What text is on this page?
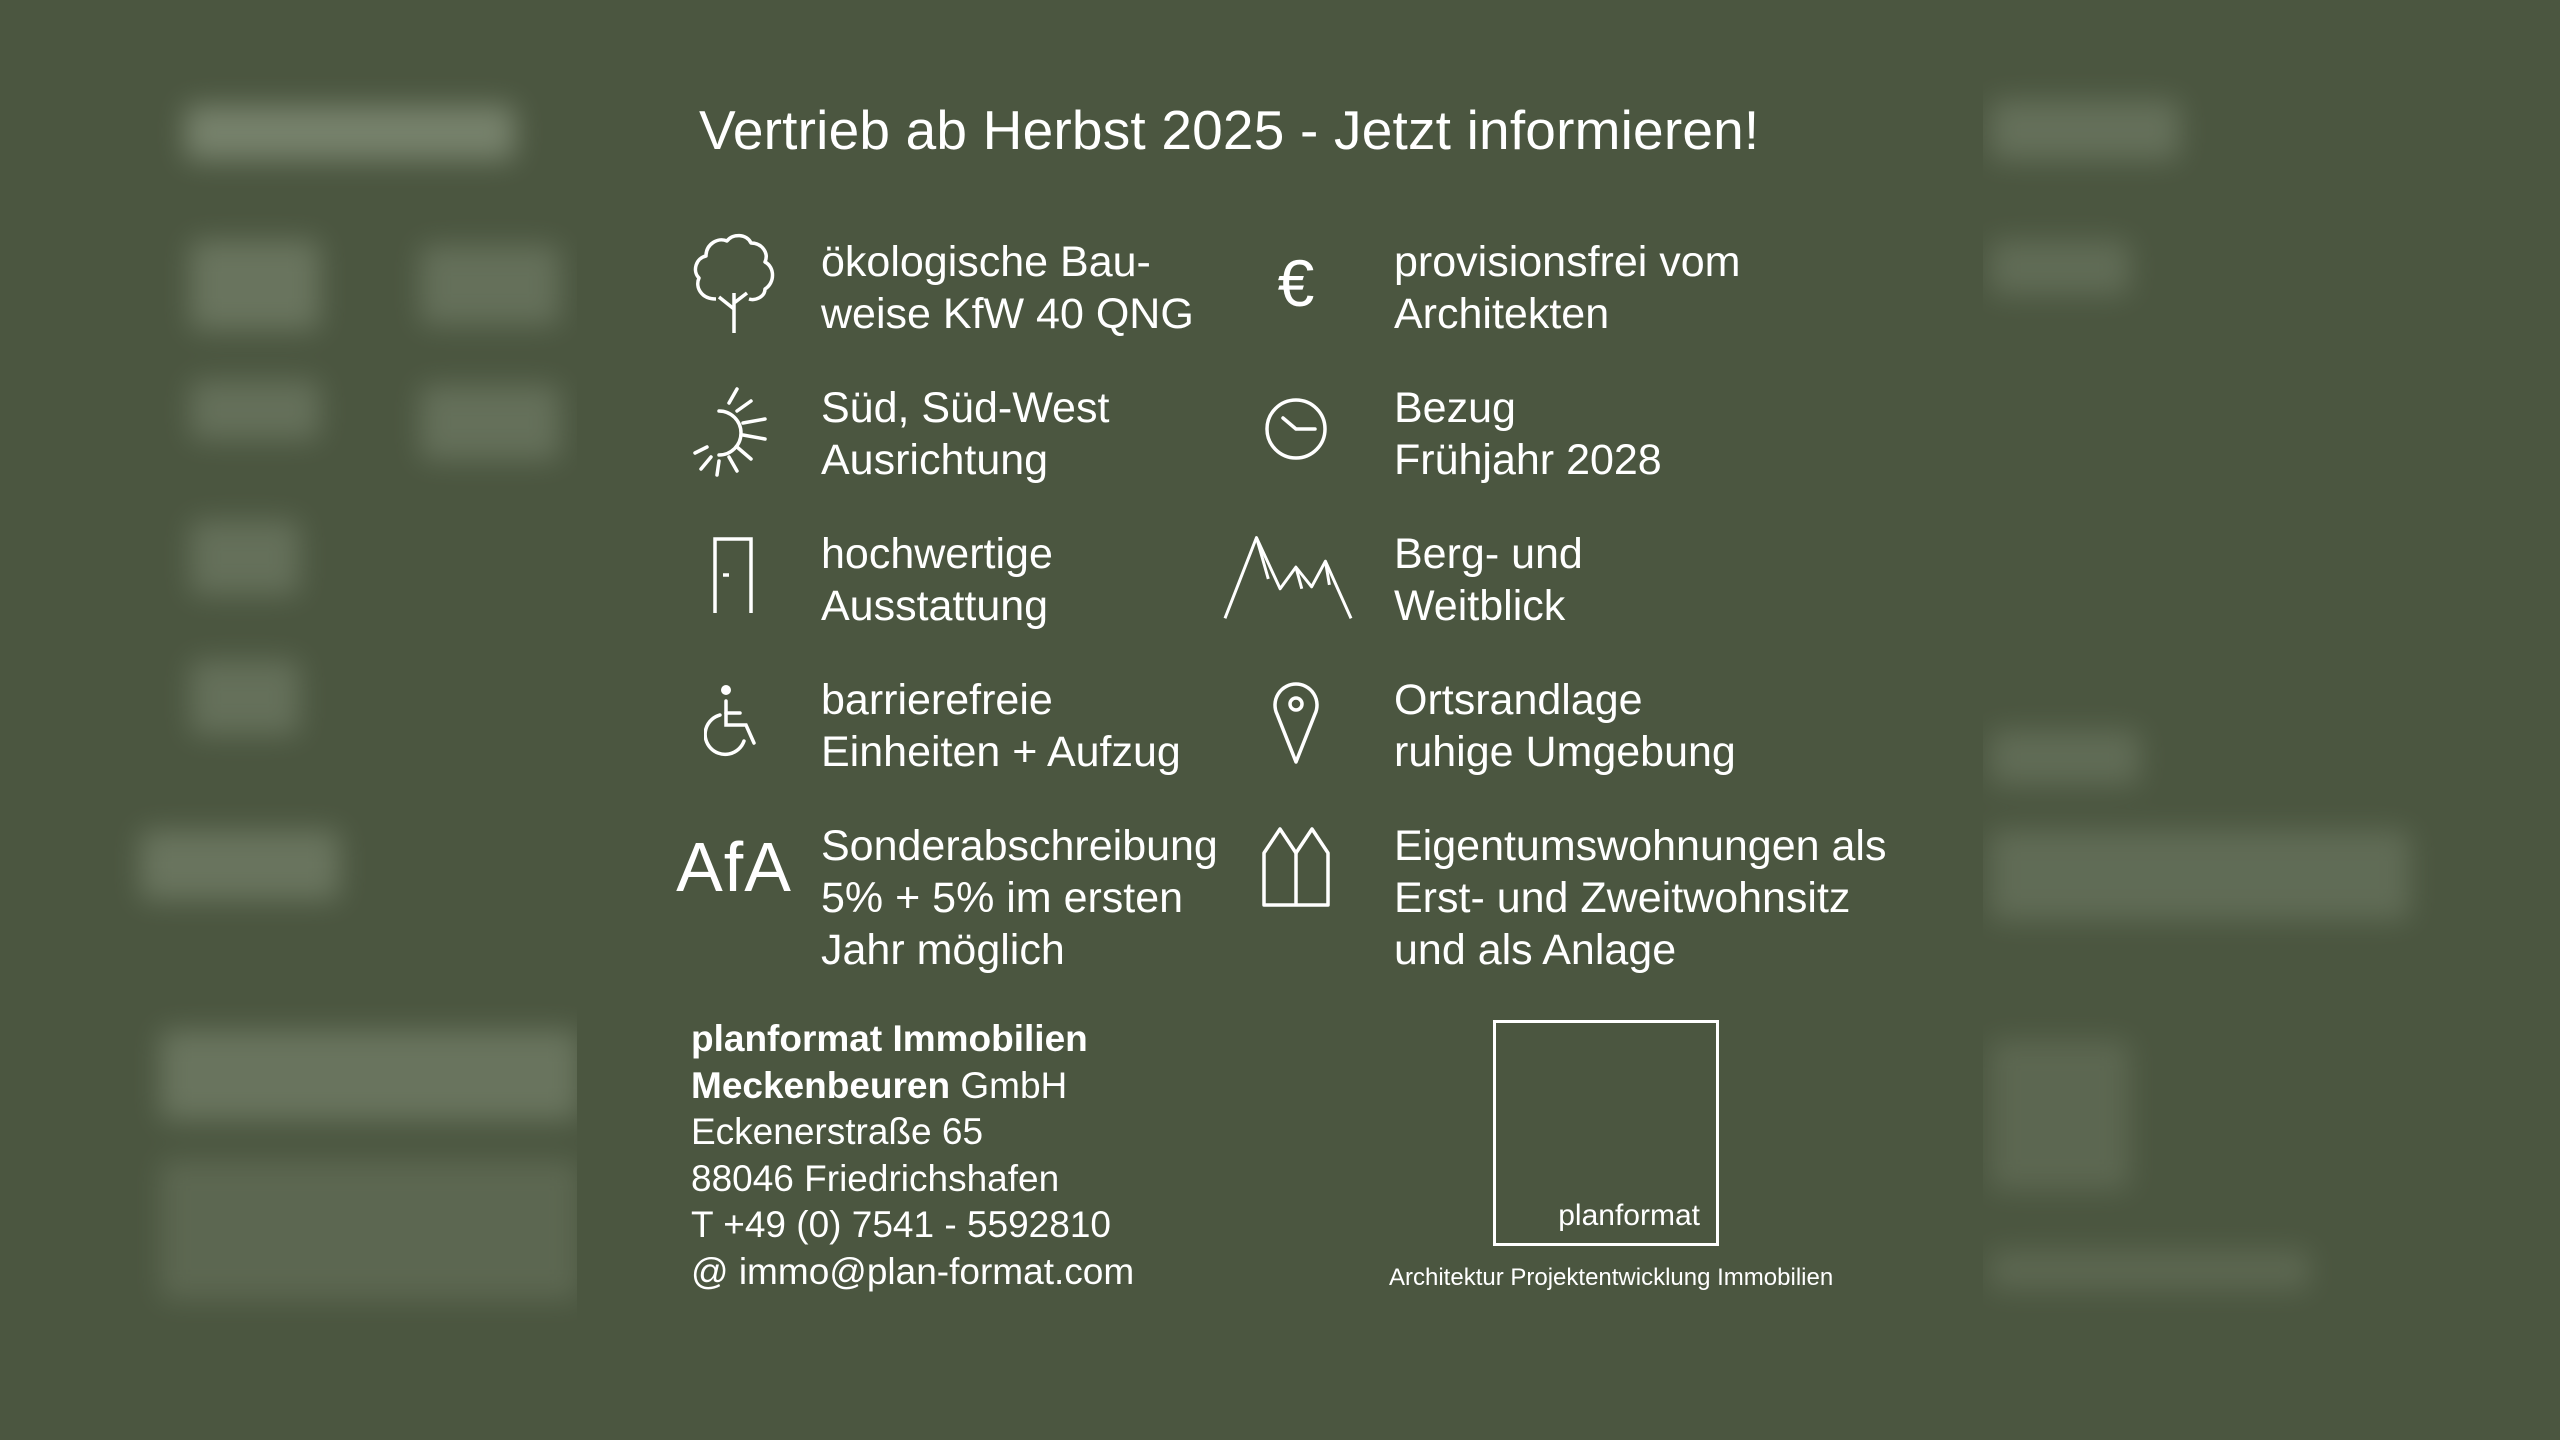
Vertrieb ab Herbst 2025 - Jetzt informieren!
ökologische Bau-
weise KfW 40 QNG
Süd, Süd-West
Ausrichtung
hochwertige
Ausstattung
barrierefreie
Einheiten + Aufzug
AfA Sonderabschreibung
5% + 5% im ersten
Jahr möglich
€ provisionsfrei vom
Architekten
Bezug
Frühjahr 2028
Berg- und
Weitblick
Ortsrandlage
ruhige Umgebung
Eigentumswohnungen als
Erst- und Zweitwohnsitz
und als Anlage
planformat Immobilien
Meckenbeuren GmbH
Eckenerstraße 65
88046 Friedrichshafen
T +49 (0) 7541 - 5592810
@ immo@plan-format.com
planformat
Architektur Projektentwicklung Immobilien
